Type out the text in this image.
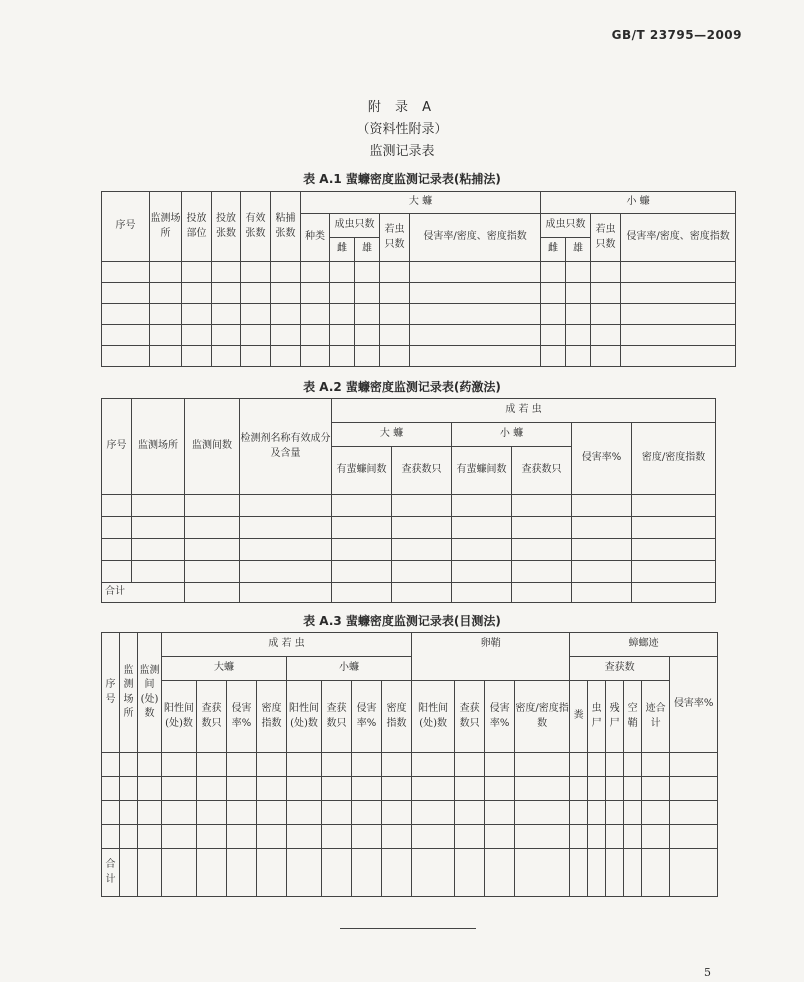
GB/T 23795—2009
附 录 A
（资料性附录）
监测记录表
表 A.1 蜚蠊密度监测记录表(粘捕法)
序号	监测场所	投放部位	投放张数	有效张数	粘捕张数	大 蠊					小 蠊			
						种类	成虫只数		若虫只数	侵害率/密度、密度指数	成虫只数		若虫只数	侵害率/密度、密度指数
							雌	雄			雌	雄		

表 A.2 蜚蠊密度监测记录表(药激法)
序号	监测场所	监测间数	检测剂名称有效成分及含量	成 若 虫					
				大 蠊		小 蠊		侵害率%	密度/密度指数
				有蜚蠊间数	查获数只	有蜚蠊间数	查获数只		

合计									
表 A.3 蜚蠊密度监测记录表(目测法)
序号	监测场所	监测间(处)数	成 若 虫								卵鞘				蟑螂迹					
			大蠊				小蠊								查获数					侵害率%
			阳性间(处)数	查获数只	侵害率%	密度指数	阳性间(处)数	查获数只	侵害率%	密度指数	阳性间(处)数	查获数只	侵害率%	密度/密度指数	粪	虫尸	残尸	空鞘	迹合计	

合计																				
5
